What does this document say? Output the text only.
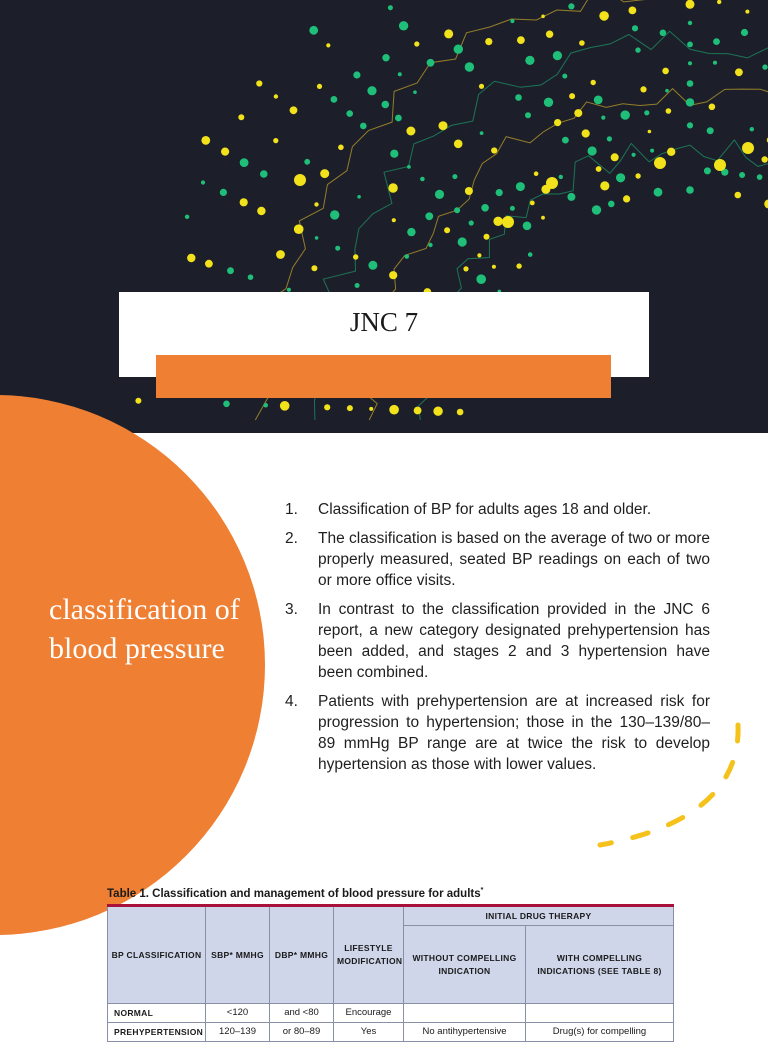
JNC 7
classification of blood pressure
1.	Classification of BP for adults ages 18 and older.
2.	The classification is based on the average of two or more properly measured, seated BP readings on each of two or more office visits.
3.	In contrast to the classification provided in the JNC 6 report, a new category designated prehypertension has been added, and stages 2 and 3 hypertension have been combined.
4.	Patients with prehypertension are at increased risk for progression to hypertension; those in the 130–139/80–89 mmHg BP range are at twice the risk to develop hypertension as those with lower values.
Table 1. Classification and management of blood pressure for adults*
BP CLASSIFICATION	SBP* MMHG	DBP* MMHG	LIFESTYLE MODIFICATION	INITIAL DRUG THERAPY	
				WITHOUT COMPELLING INDICATION	WITH COMPELLING INDICATIONS (SEE TABLE 8)
NORMAL	<120	and <80	Encourage		
PREHYPERTENSION	120–139	or 80–89	Yes	No antihypertensive	Drug(s) for compelling
